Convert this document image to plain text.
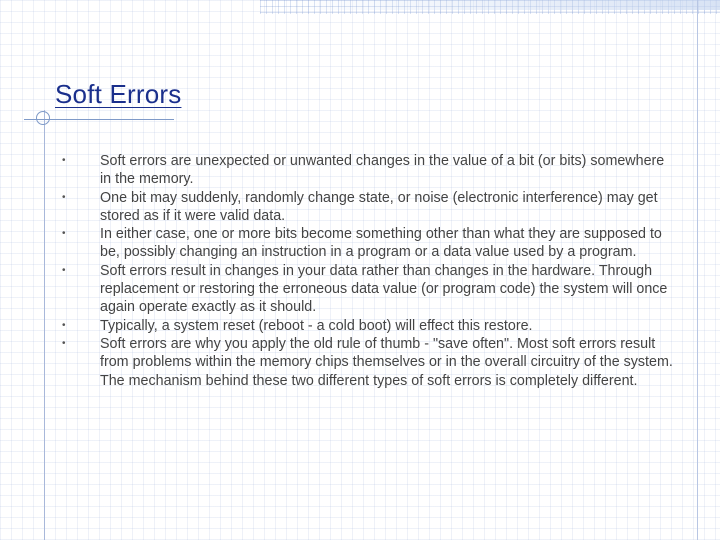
Soft Errors
• Soft errors are unexpected or unwanted changes in the value of a bit (or bits) somewhere in the memory.
• One bit may suddenly, randomly change state, or noise (electronic interference) may get stored as if it were valid data.
• In either case, one or more bits become something other than what they are supposed to be, possibly changing an instruction in a program or a data value used by a program.
• Soft errors result in changes in your data rather than changes in the hardware. Through replacement or restoring the erroneous data value (or program code) the system will once again operate exactly as it should.
• Typically, a system reset (reboot - a cold boot) will effect this restore.
• Soft errors are why you apply the old rule of thumb - "save often". Most soft errors result from problems within the memory chips themselves or in the overall circuitry of the system. The mechanism behind these two different types of soft errors is completely different.
